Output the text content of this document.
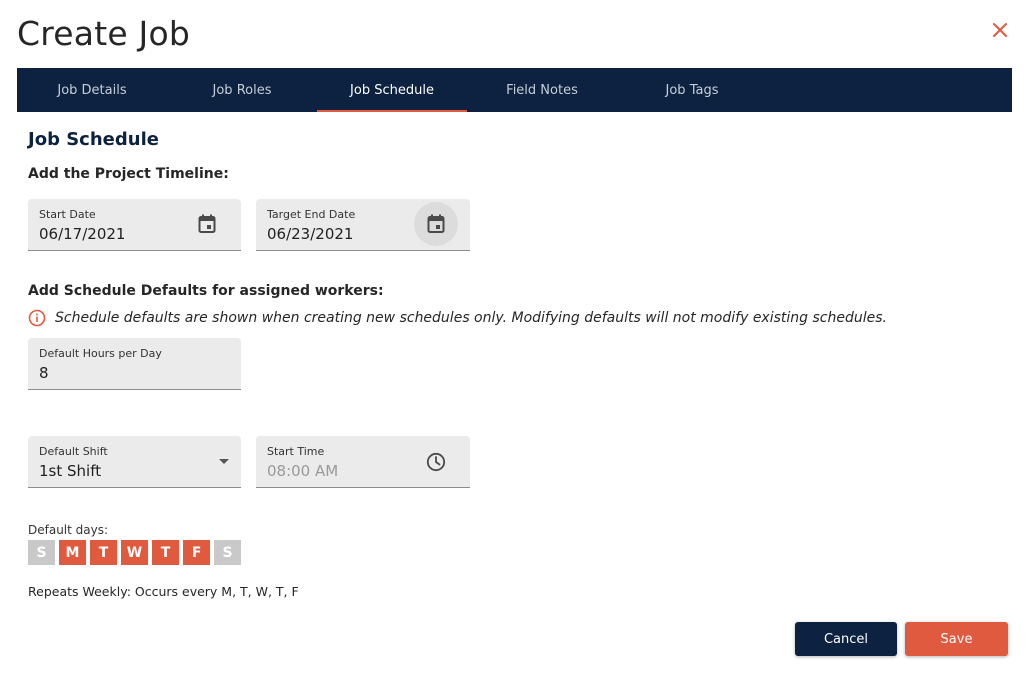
Create Job
Job Details	Job Roles	Job Schedule	Field Notes	Job Tags
Job Schedule
Add the Project Timeline:
Start Date
06/17/2021
Target End Date
06/23/2021
Add Schedule Defaults for assigned workers:
Schedule defaults are shown when creating new schedules only. Modifying defaults will not modify existing schedules.
Default Hours per Day
8
Default Shift
1st Shift
Start Time
08:00 AM
Default days:
S	M	T	W	T	F	S
Repeats Weekly: Occurs every M, T, W, T, F
Cancel	Save
